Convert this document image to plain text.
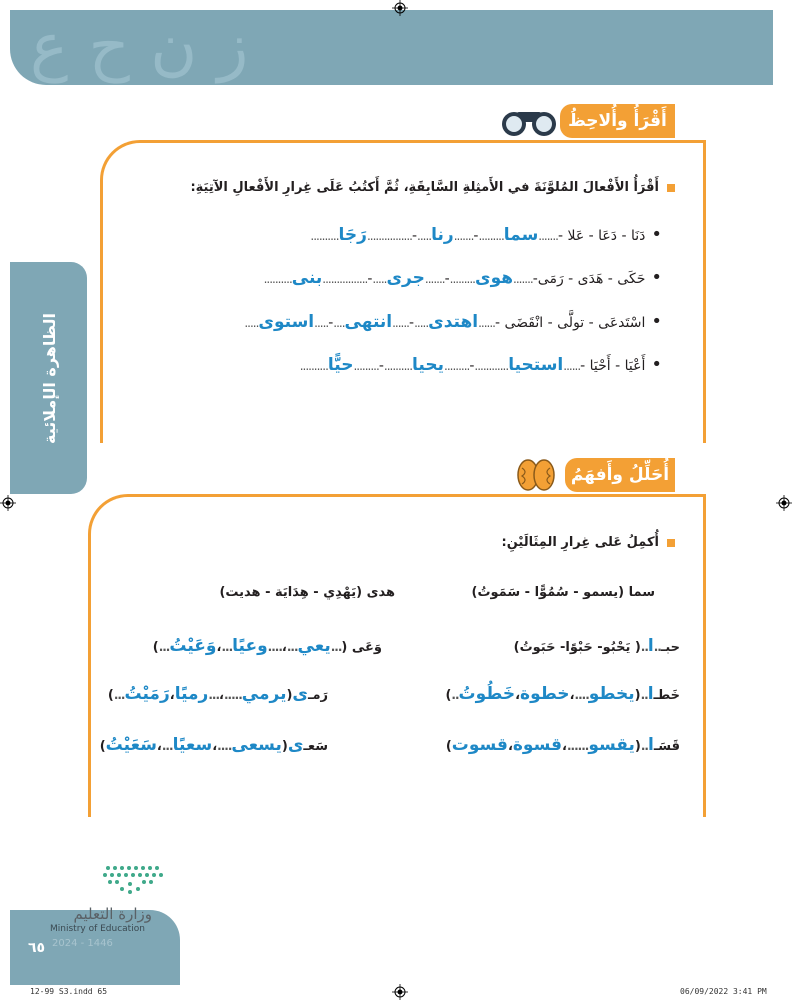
ز ن ح ع
الظاهرة الإملائية
أَقْرَأُ وأُلاحِظُ
أَقْرَأُ الأَفْعالَ المُلوَّنَةَ في الأَمثِلةِ السَّابِقَةِ، ثُمَّ أَكتُبُ عَلَى غِرارِ الأَفْعالِ الآتِيَةِ:
•
دَنَا - دَعَا - عَلا -
.......
سما
.........
-
.......
رنا
.....
-
................
رَجَا
..........
•
حَكَى - هَدَى - رَمَى-
.......
هوى
.........
-
.......
جرى
.....
-
................
بنى
..........
•
اسْتَدعَى - تولَّى - انْقَضَى -
......
اهتدى
.....
-
......
انتهى
....
-
.....
استوى
.....
•
أَعْيَا - أَحْيَا -
......
استحيا
............
-
.........
يحيا
..........
-
.........
حيًّا
..........
أُحَلِّلُ وأَفهَمُ
أُكمِلُ عَلى غِرارِ المِثَالَيْنِ:
سما (يسمو - سُمُوًّا - سَمَوتُ)
هدى (يَهْدِي - هِدَايَة - هديت)
حبـ
..
ا
..
( يَحْبُو- حَبْوًا- حَبَوتُ)
وَعَى (
...
يعي
...
،
....
وعيًا
...
،
وَعَيْتُ
...
)
خَطـ
ا
..
(
يخطو
....
،
خطوة
،
خَطُوتُ
..
)
رَمـ
ى
(
يرمي
.....
،
...
رميًا
،
رَمَيْتُ
...
)
قَسَـ
ا
..
(
يقسو
......
،
قسوة
،
قسوت
)
سَعـ
ى
(
يسعى
....
،
سعيًا
...
،
سَعَيْتُ
)
وزارة التعليم
Ministry of Education
2024 - 1446
٦٥
12-99 S3.indd 65	06/09/2022 3:41 PM
